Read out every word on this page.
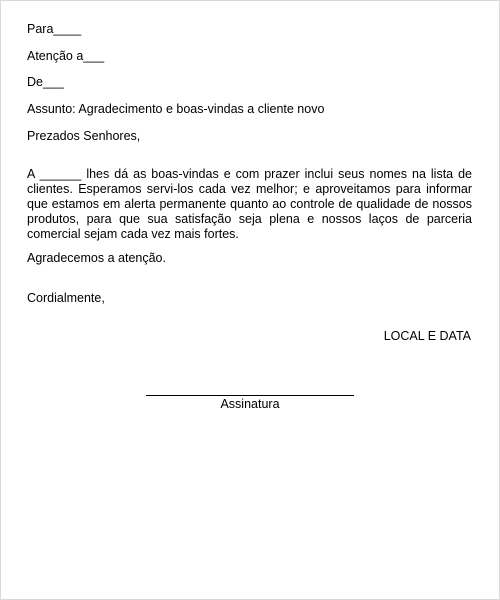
Para____
Atenção a___
De___
Assunto: Agradecimento e boas-vindas a cliente novo
Prezados Senhores,
A ______ lhes dá as boas-vindas e com prazer inclui seus nomes na lista de clientes. Esperamos servi-los cada vez melhor; e aproveitamos para informar que estamos em alerta permanente quanto ao controle de qualidade de nossos produtos, para que sua satisfação seja plena e nossos laços de parceria comercial sejam cada vez mais fortes.
Agradecemos a atenção.
Cordialmente,
LOCAL E DATA
Assinatura
